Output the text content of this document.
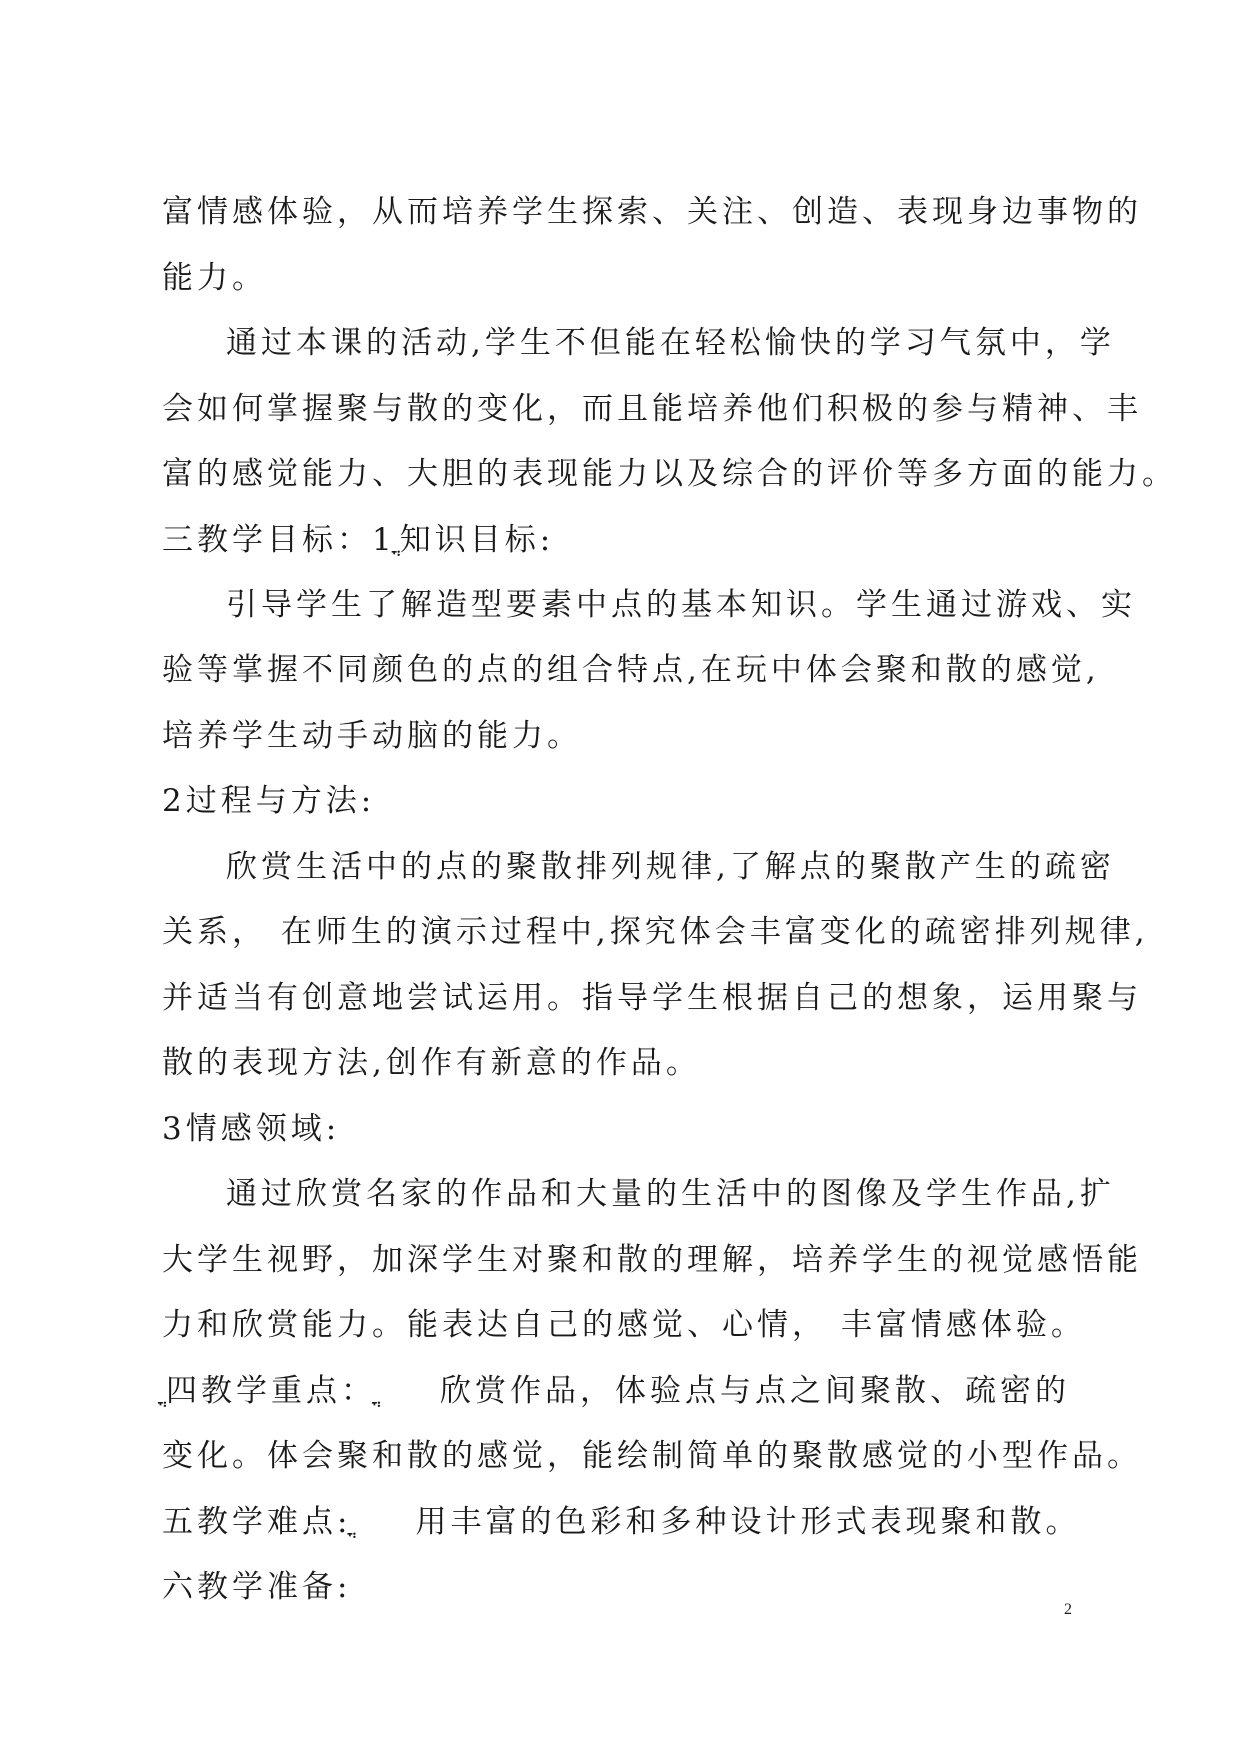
富情感体验，从而培养学生探索、关注、创造、表现身边事物的
能力。
通过本课的活动,学生不但能在轻松愉快的学习气氛中，学
会如何掌握聚与散的变化，而且能培养他们积极的参与精神、丰
富的感觉能力、大胆的表现能力以及综合的评价等多方面的能力。
三教学目标：1ֳ知识目标:
引导学生了解造型要素中点的基本知识。学生通过游戏、实
验等掌握不同颜色的点的组合特点,在玩中体会聚和散的感觉,
培养学生动手动脑的能力。
2过程与方法:
欣赏生活中的点的聚散排列规律,了解点的聚散产生的疏密
关系， 在师生的演示过程中,探究体会丰富变化的疏密排列规律,
并适当有创意地尝试运用。指导学生根据自己的想象，运用聚与
散的表现方法,创作有新意的作品。
3情感领域:
通过欣赏名家的作品和大量的生活中的图像及学生作品,扩
大学生视野，加深学生对聚和散的理解，培养学生的视觉感悟能
力和欣赏能力。能表达自己的感觉、心情， 丰富情感体验。
ֳ四教学重点：ֳ 欣赏作品，体验点与点之间聚散、疏密的
变化。体会聚和散的感觉，能绘制简单的聚散感觉的小型作品。
五教学难点:ֳ 用丰富的色彩和多种设计形式表现聚和散。
六教学准备:
2
